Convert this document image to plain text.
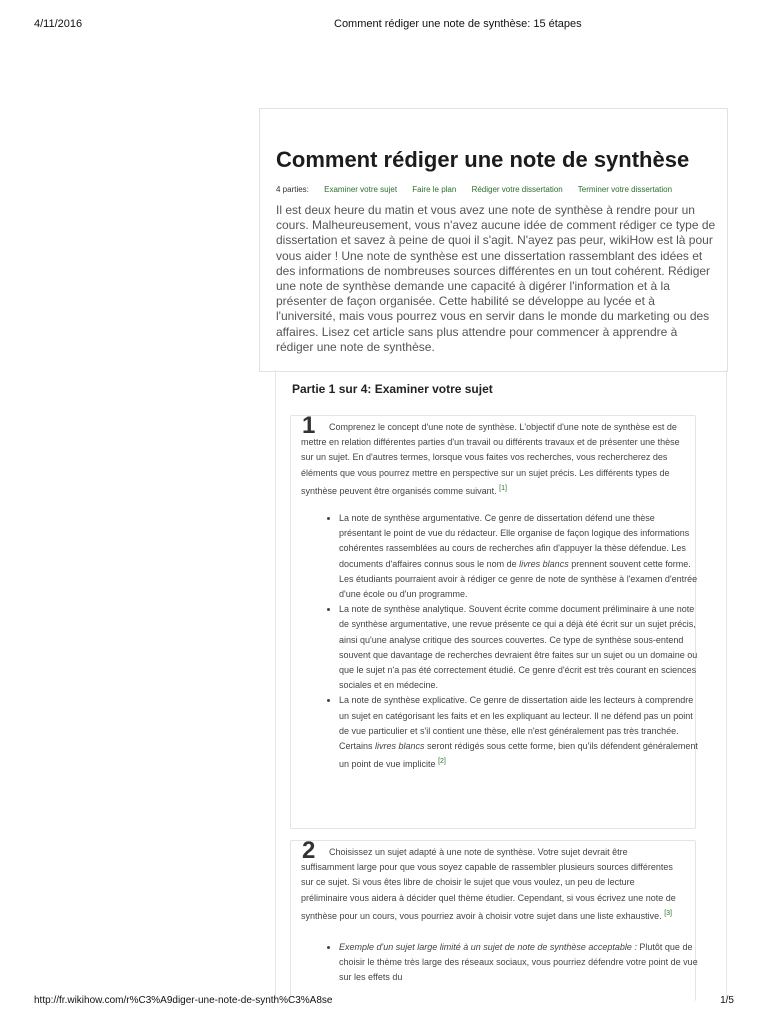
4/11/2016	Comment rédiger une note de synthèse: 15 étapes
Comment rédiger une note de synthèse
4 parties: Examiner votre sujet Faire le plan Rédiger votre dissertation Terminer votre dissertation

Il est deux heure du matin et vous avez une note de synthèse à rendre pour un cours. Malheureusement, vous n'avez aucune idée de comment rédiger ce type de dissertation et savez à peine de quoi il s'agit. N'ayez pas peur, wikiHow est là pour vous aider ! Une note de synthèse est une dissertation rassemblant des idées et des informations de nombreuses sources différentes en un tout cohérent. Rédiger une note de synthèse demande une capacité à digérer l'information et à la présenter de façon organisée. Cette habilité se développe au lycée et à l'université, mais vous pourrez vous en servir dans le monde du marketing ou des affaires. Lisez cet article sans plus attendre pour commencer à apprendre à rédiger une note de synthèse.

Partie 1 sur 4: Examiner votre sujet
1	Comprenez le concept d'une note de synthèse. L'objectif d'une note de synthèse est de mettre en relation différentes parties d'un travail ou différents travaux et de présenter une thèse sur un sujet. En d'autres termes, lorsque vous faites vos recherches, vous rechercherez des éléments que vous pourrez mettre en perspective sur un sujet précis. Les différents types de synthèse peuvent être organisés comme suivant. [1]

• La note de synthèse argumentative. Ce genre de dissertation défend une thèse présentant le point de vue du rédacteur. Elle organise de façon logique des informations cohérentes rassemblées au cours de recherches afin d'appuyer la thèse défendue. Les documents d'affaires connus sous le nom de livres blancs prennent souvent cette forme. Les étudiants pourraient avoir à rédiger ce genre de note de synthèse à l'examen d'entrée d'une école ou d'un programme.
• La note de synthèse analytique. Souvent écrite comme document préliminaire à une note de synthèse argumentative, une revue présente ce qui a déjà été écrit sur un sujet précis, ainsi qu'une analyse critique des sources couvertes. Ce type de synthèse sous-entend souvent que davantage de recherches devraient être faites sur un sujet ou un domaine ou que le sujet n'a pas été correctement étudié. Ce genre d'écrit est très courant en sciences sociales et en médecine.
• La note de synthèse explicative. Ce genre de dissertation aide les lecteurs à comprendre un sujet en catégorisant les faits et en les expliquant au lecteur. Il ne défend pas un point de vue particulier et s'il contient une thèse, elle n'est généralement pas très tranchée. Certains livres blancs seront rédigés sous cette forme, bien qu'ils défendent généralement un point de vue implicite [2]
2	Choisissez un sujet adapté à une note de synthèse. Votre sujet devrait être suffisamment large pour que vous soyez capable de rassembler plusieurs sources différentes sur ce sujet. Si vous êtes libre de choisir le sujet que vous voulez, un peu de lecture préliminaire vous aidera à décider quel thème étudier. Cependant, si vous écrivez une note de synthèse pour un cours, vous pourriez avoir à choisir votre sujet dans une liste exhaustive. [3]

• Exemple d'un sujet large limité à un sujet de note de synthèse acceptable : Plutôt que de choisir le thème très large des réseaux sociaux, vous pourriez défendre votre point de vue sur les effets du
http://fr.wikihow.com/r%C3%A9diger-une-note-de-synth%C3%A8se	1/5
